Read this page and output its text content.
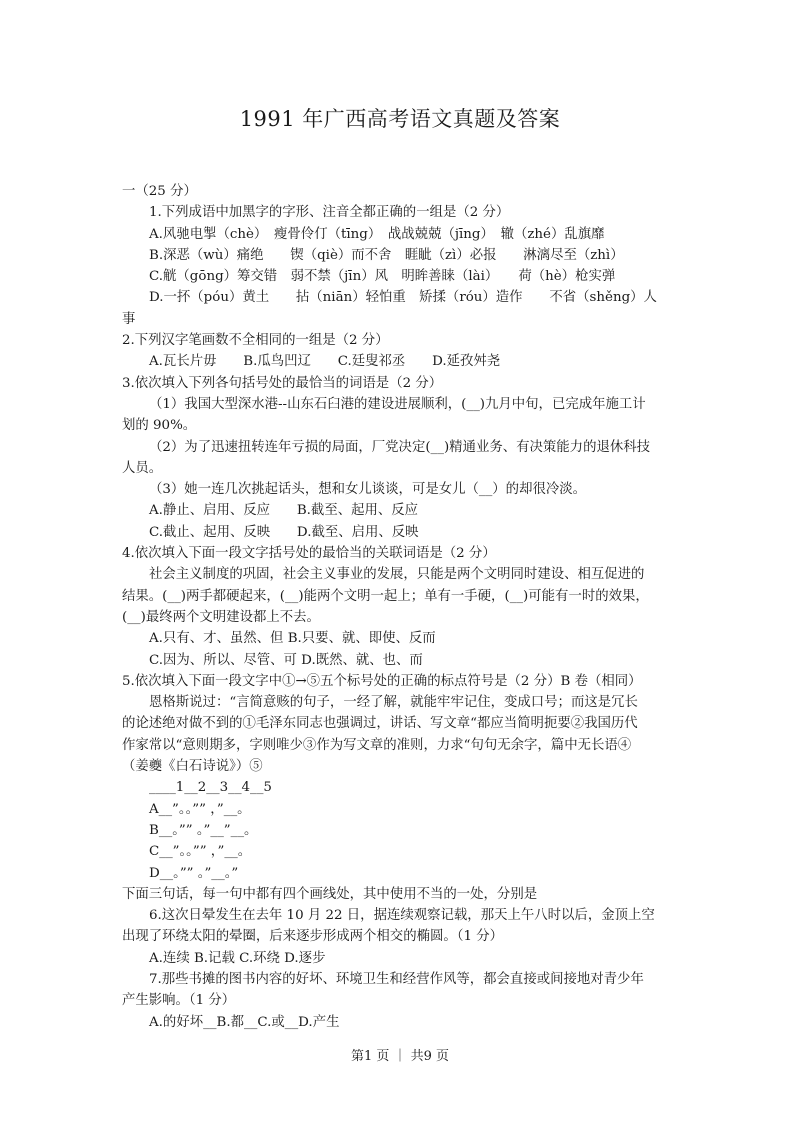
1991 年广西高考语文真题及答案

一（25 分）

1.下列成语中加黑字的字形、注音全都正确的一组是（2 分）

A.风驰电掣（chè）　瘦骨伶仃（tīng）　战战兢兢（jīng）　辙（zhé）乱旗靡

B.深恶（wù）痛绝　　锲（qiè）而不舍　睚眦（zì）必报　　淋漓尽至（zhì）

C.觥（gōng）筹交错　弱不禁（jīn）风　明眸善睐（lài）　　荷（hè）枪实弹

D.一抔（póu）黄土　　拈（niān）轻怕重　矫揉（róu）造作　　不省（shěng）人

事

2.下列汉字笔画数不全相同的一组是（2 分）

A.瓦长片毋　　B.瓜鸟凹辽　　C.廷叟祁丞　　D.延孜舛尧

3.依次填入下列各句括号处的最恰当的词语是（2 分）

（1）我国大型深水港--山东石臼港的建设进展顺利，(__)九月中旬，已完成年施工计

划的 90%。

（2）为了迅速扭转连年亏损的局面，厂党决定(__)精通业务、有决策能力的退休科技

人员。

（3）她一连几次挑起话头，想和女儿谈谈，可是女儿（__）的却很冷淡。

A.静止、启用、反应　　B.截至、起用、反应

C.截止、起用、反映　　D.截至、启用、反映

4.依次填入下面一段文字括号处的最恰当的关联词语是（2 分）

社会主义制度的巩固，社会主义事业的发展，只能是两个文明同时建设、相互促进的

结果。(__)两手都硬起来，(__)能两个文明一起上；单有一手硬，(__)可能有一时的效果，

(__)最终两个文明建设都上不去。

A.只有、才、虽然、但 B.只要、就、即使、反而

C.因为、所以、尽管、可 D.既然、就、也、而

5.依次填入下面一段文字中①→⑤五个标号处的正确的标点符号是（2 分）B 卷（相同）

恩格斯说过：“言简意赅的句子，一经了解，就能牢牢记住，变成口号；而这是冗长

的论述绝对做不到的①毛泽东同志也强调过，讲话、写文章“都应当简明扼要②我国历代

作家常以“意则期多，字则唯少③作为写文章的准则，力求“句句无余字，篇中无长语④

（姜夔《白石诗说》）⑤

____1__2__3__4__5

A__”。。”” ，”__。

B__。”” 。”__”__。

C__”。。”” ，”__。

D__。”” 。”__。”

下面三句话，每一句中都有四个画线处，其中使用不当的一处，分别是

6.这次日晕发生在去年 10 月 22 日，据连续观察记载，那天上午八时以后，金顶上空

出现了环绕太阳的晕圈，后来逐步形成两个相交的椭圆。（1 分）

A.连续 B.记载 C.环绕 D.逐步

7.那些书摊的图书内容的好坏、环境卫生和经营作风等，都会直接或间接地对青少年

产生影响。（1 分）

A.的好坏__B.都__C.或__D.产生

第1 页 ｜ 共9 页
